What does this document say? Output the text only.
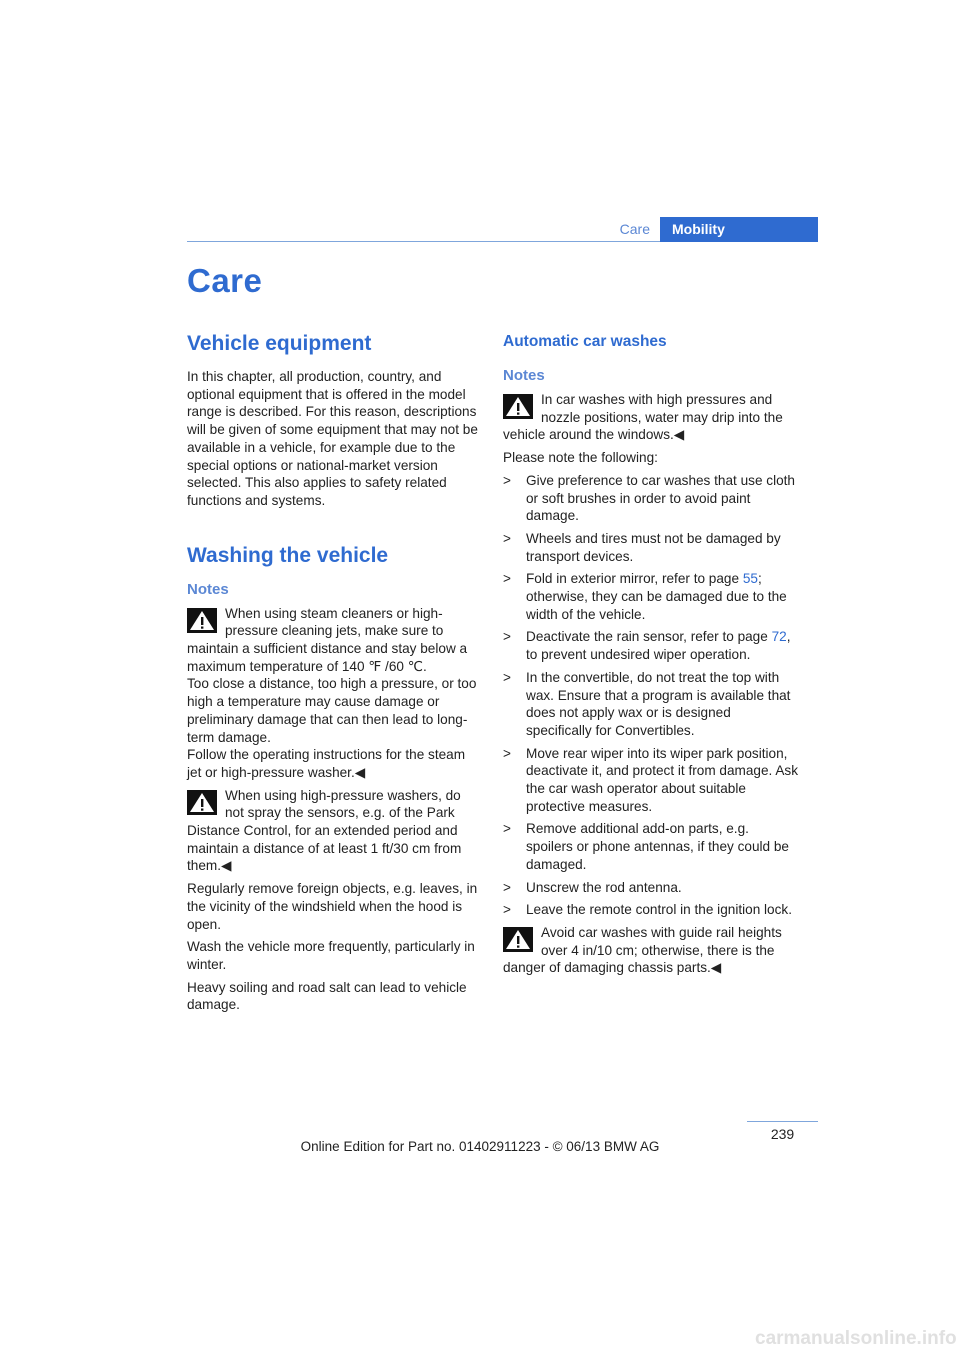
Care	Mobility
Care
Vehicle equipment

In this chapter, all production, country, and optional equipment that is offered in the model range is described. For this reason, descriptions will be given of some equipment that may not be available in a vehicle, for example due to the special options or national-market version selected. This also applies to safety related functions and systems.

Washing the vehicle
Notes

When using steam cleaners or high-pressure cleaning jets, make sure to maintain a sufficient distance and stay below a maximum temperature of 140 ℉ /60 ℃.

Too close a distance, too high a pressure, or too high a temperature may cause damage or preliminary damage that can then lead to long-term damage.

Follow the operating instructions for the steam jet or high-pressure washer.◀

When using high-pressure washers, do not spray the sensors, e.g. of the Park Distance Control, for an extended period and maintain a distance of at least 1 ft/30 cm from them.◀

Regularly remove foreign objects, e.g. leaves, in the vicinity of the windshield when the hood is open.

Wash the vehicle more frequently, particularly in winter.

Heavy soiling and road salt can lead to vehicle damage.

Automatic car washes
Notes

In car washes with high pressures and nozzle positions, water may drip into the vehicle around the windows.◀

Please note the following:

> Give preference to car washes that use cloth or soft brushes in order to avoid paint damage.
> Wheels and tires must not be damaged by transport devices.
> Fold in exterior mirror, refer to page 55; otherwise, they can be damaged due to the width of the vehicle.
> Deactivate the rain sensor, refer to page 72, to prevent undesired wiper operation.
> In the convertible, do not treat the top with wax. Ensure that a program is available that does not apply wax or is designed specifically for Convertibles.
> Move rear wiper into its wiper park position, deactivate it, and protect it from damage. Ask the car wash operator about suitable protective measures.
> Remove additional add-on parts, e.g. spoilers or phone antennas, if they could be damaged.
> Unscrew the rod antenna.
> Leave the remote control in the ignition lock.

Avoid car washes with guide rail heights over 4 in/10 cm; otherwise, there is the danger of damaging chassis parts.◀

239
Online Edition for Part no. 01402911223 - © 06/13 BMW AG
carmanualsonline.info
